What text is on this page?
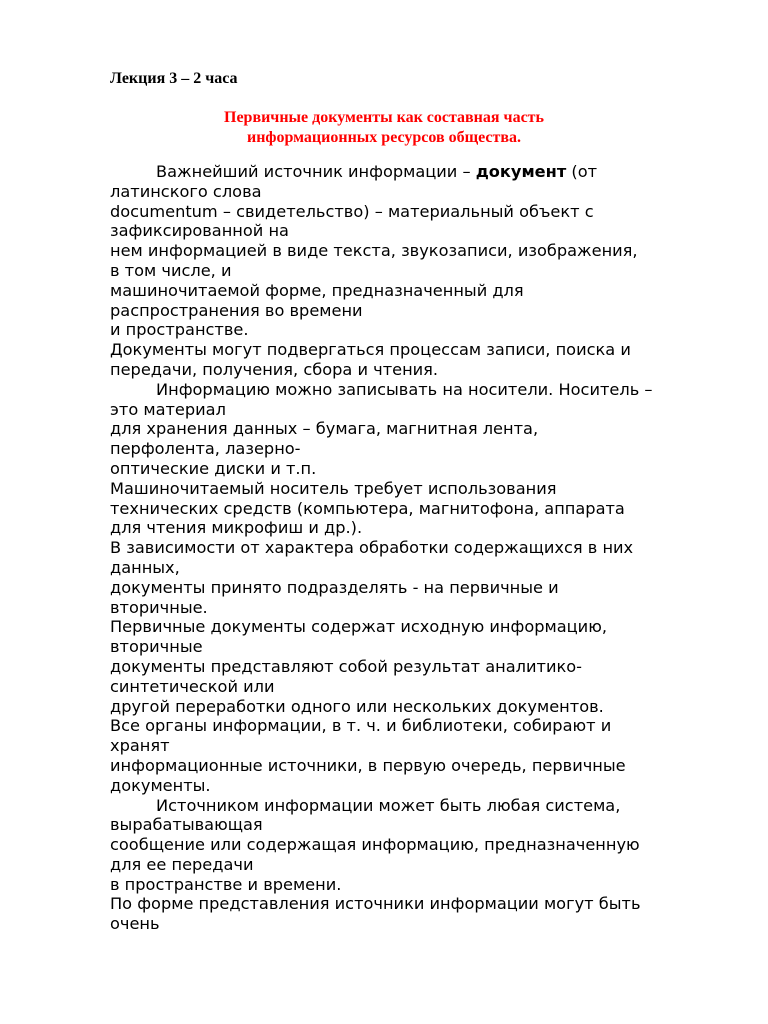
Лекция 3 – 2 часа

Первичные документы как составная часть
информационных ресурсов общества.
Важнейший источник информации – документ (от
латинского слова
documentum – свидетельство) – материальный объект с
зафиксированной на
нем информацией в виде текста, звукозаписи, изображения,
в том числе, и
машиночитаемой форме, предназначенный для
распространения во времени
и пространстве.
Документы могут подвергаться процессам записи, поиска и
передачи, получения, сбора и чтения.
Информацию можно записывать на носители. Носитель –
это материал
для хранения данных – бумага, магнитная лента,
перфолента, лазерно-
оптические диски и т.п.
Машиночитаемый носитель требует использования
технических средств (компьютера, магнитофона, аппарата
для чтения микрофиш и др.).
В зависимости от характера обработки содержащихся в них
данных,
документы принято подразделять - на первичные и
вторичные.
Первичные документы содержат исходную информацию,
вторичные
документы представляют собой результат аналитико-
синтетической или
другой переработки одного или нескольких документов.
Все органы информации, в т. ч. и библиотеки, собирают и
хранят
информационные источники, в первую очередь, первичные
документы.
Источником информации может быть любая система,
вырабатывающая
сообщение или содержащая информацию, предназначенную
для ее передачи
в пространстве и времени.
По форме представления источники информации могут быть
очень
